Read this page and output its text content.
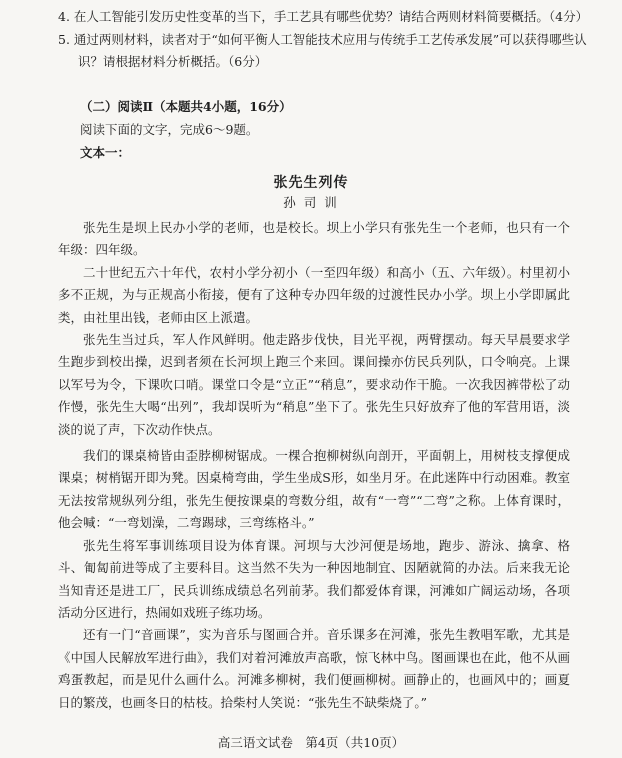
4. 在人工智能引发历史性变革的当下，手工艺具有哪些优势？请结合两则材料简要概括。（4分）
5. 通过两则材料，读者对于“如何平衡人工智能技术应用与传统手工艺传承发展”可以获得哪些认
识？请根据材料分析概括。（6分）
（二）阅读Ⅱ（本题共4小题，16分）
阅读下面的文字，完成6～9题。
文本一：
张先生列传
孙 司 训

张先生是坝上民办小学的老师，也是校长。坝上小学只有张先生一个老师，也只有一个年级：四年级。

二十世纪五六十年代，农村小学分初小（一至四年级）和高小（五、六年级）。村里初小多不正规，为与正规高小衔接，便有了这种专办四年级的过渡性民办小学。坝上小学即属此类，由社里出钱，老师由区上派遣。

张先生当过兵，军人作风鲜明。他走路步伐快，目光平视，两臂摆动。每天早晨要求学生跑步到校出操，迟到者须在长河坝上跑三个来回。课间操亦仿民兵列队，口令响亮。上课以军号为令，下课吹口哨。课堂口令是“立正”“稍息”，要求动作干脆。一次我因裤带松了动作慢，张先生大喝“出列”，我却误听为“稍息”坐下了。张先生只好放弃了他的军营用语，淡淡的说了声，下次动作快点。

我们的课桌椅皆由歪脖柳树锯成。一棵合抱柳树纵向剖开，平面朝上，用树枝支撑便成课桌；树梢锯开即为凳。因桌椅弯曲，学生坐成S形，如坐月牙。在此迷阵中行动困难。教室无法按常规纵列分组，张先生便按课桌的弯数分组，故有“一弯”“二弯”之称。上体育课时，他会喊：“一弯划澡，二弯踢球，三弯练格斗。”

张先生将军事训练项目设为体育课。河坝与大沙河便是场地，跑步、游泳、擒拿、格斗、匍匐前进等成了主要科目。这当然不失为一种因地制宜、因陋就简的办法。后来我无论当知青还是进工厂，民兵训练成绩总名列前茅。我们都爱体育课，河滩如广阔运动场，各项活动分区进行，热闹如戏班子练功场。

还有一门“音画课”，实为音乐与图画合并。音乐课多在河滩，张先生教唱军歌，尤其是《中国人民解放军进行曲》，我们对着河滩放声高歌，惊飞林中鸟。图画课也在此，他不从画鸡蛋教起，而是见什么画什么。河滩多柳树，我们便画柳树。画静止的，也画风中的；画夏日的繁茂，也画冬日的枯枝。拾柴村人笑说：“张先生不缺柴烧了。”

高三语文试卷　第4页（共10页）
